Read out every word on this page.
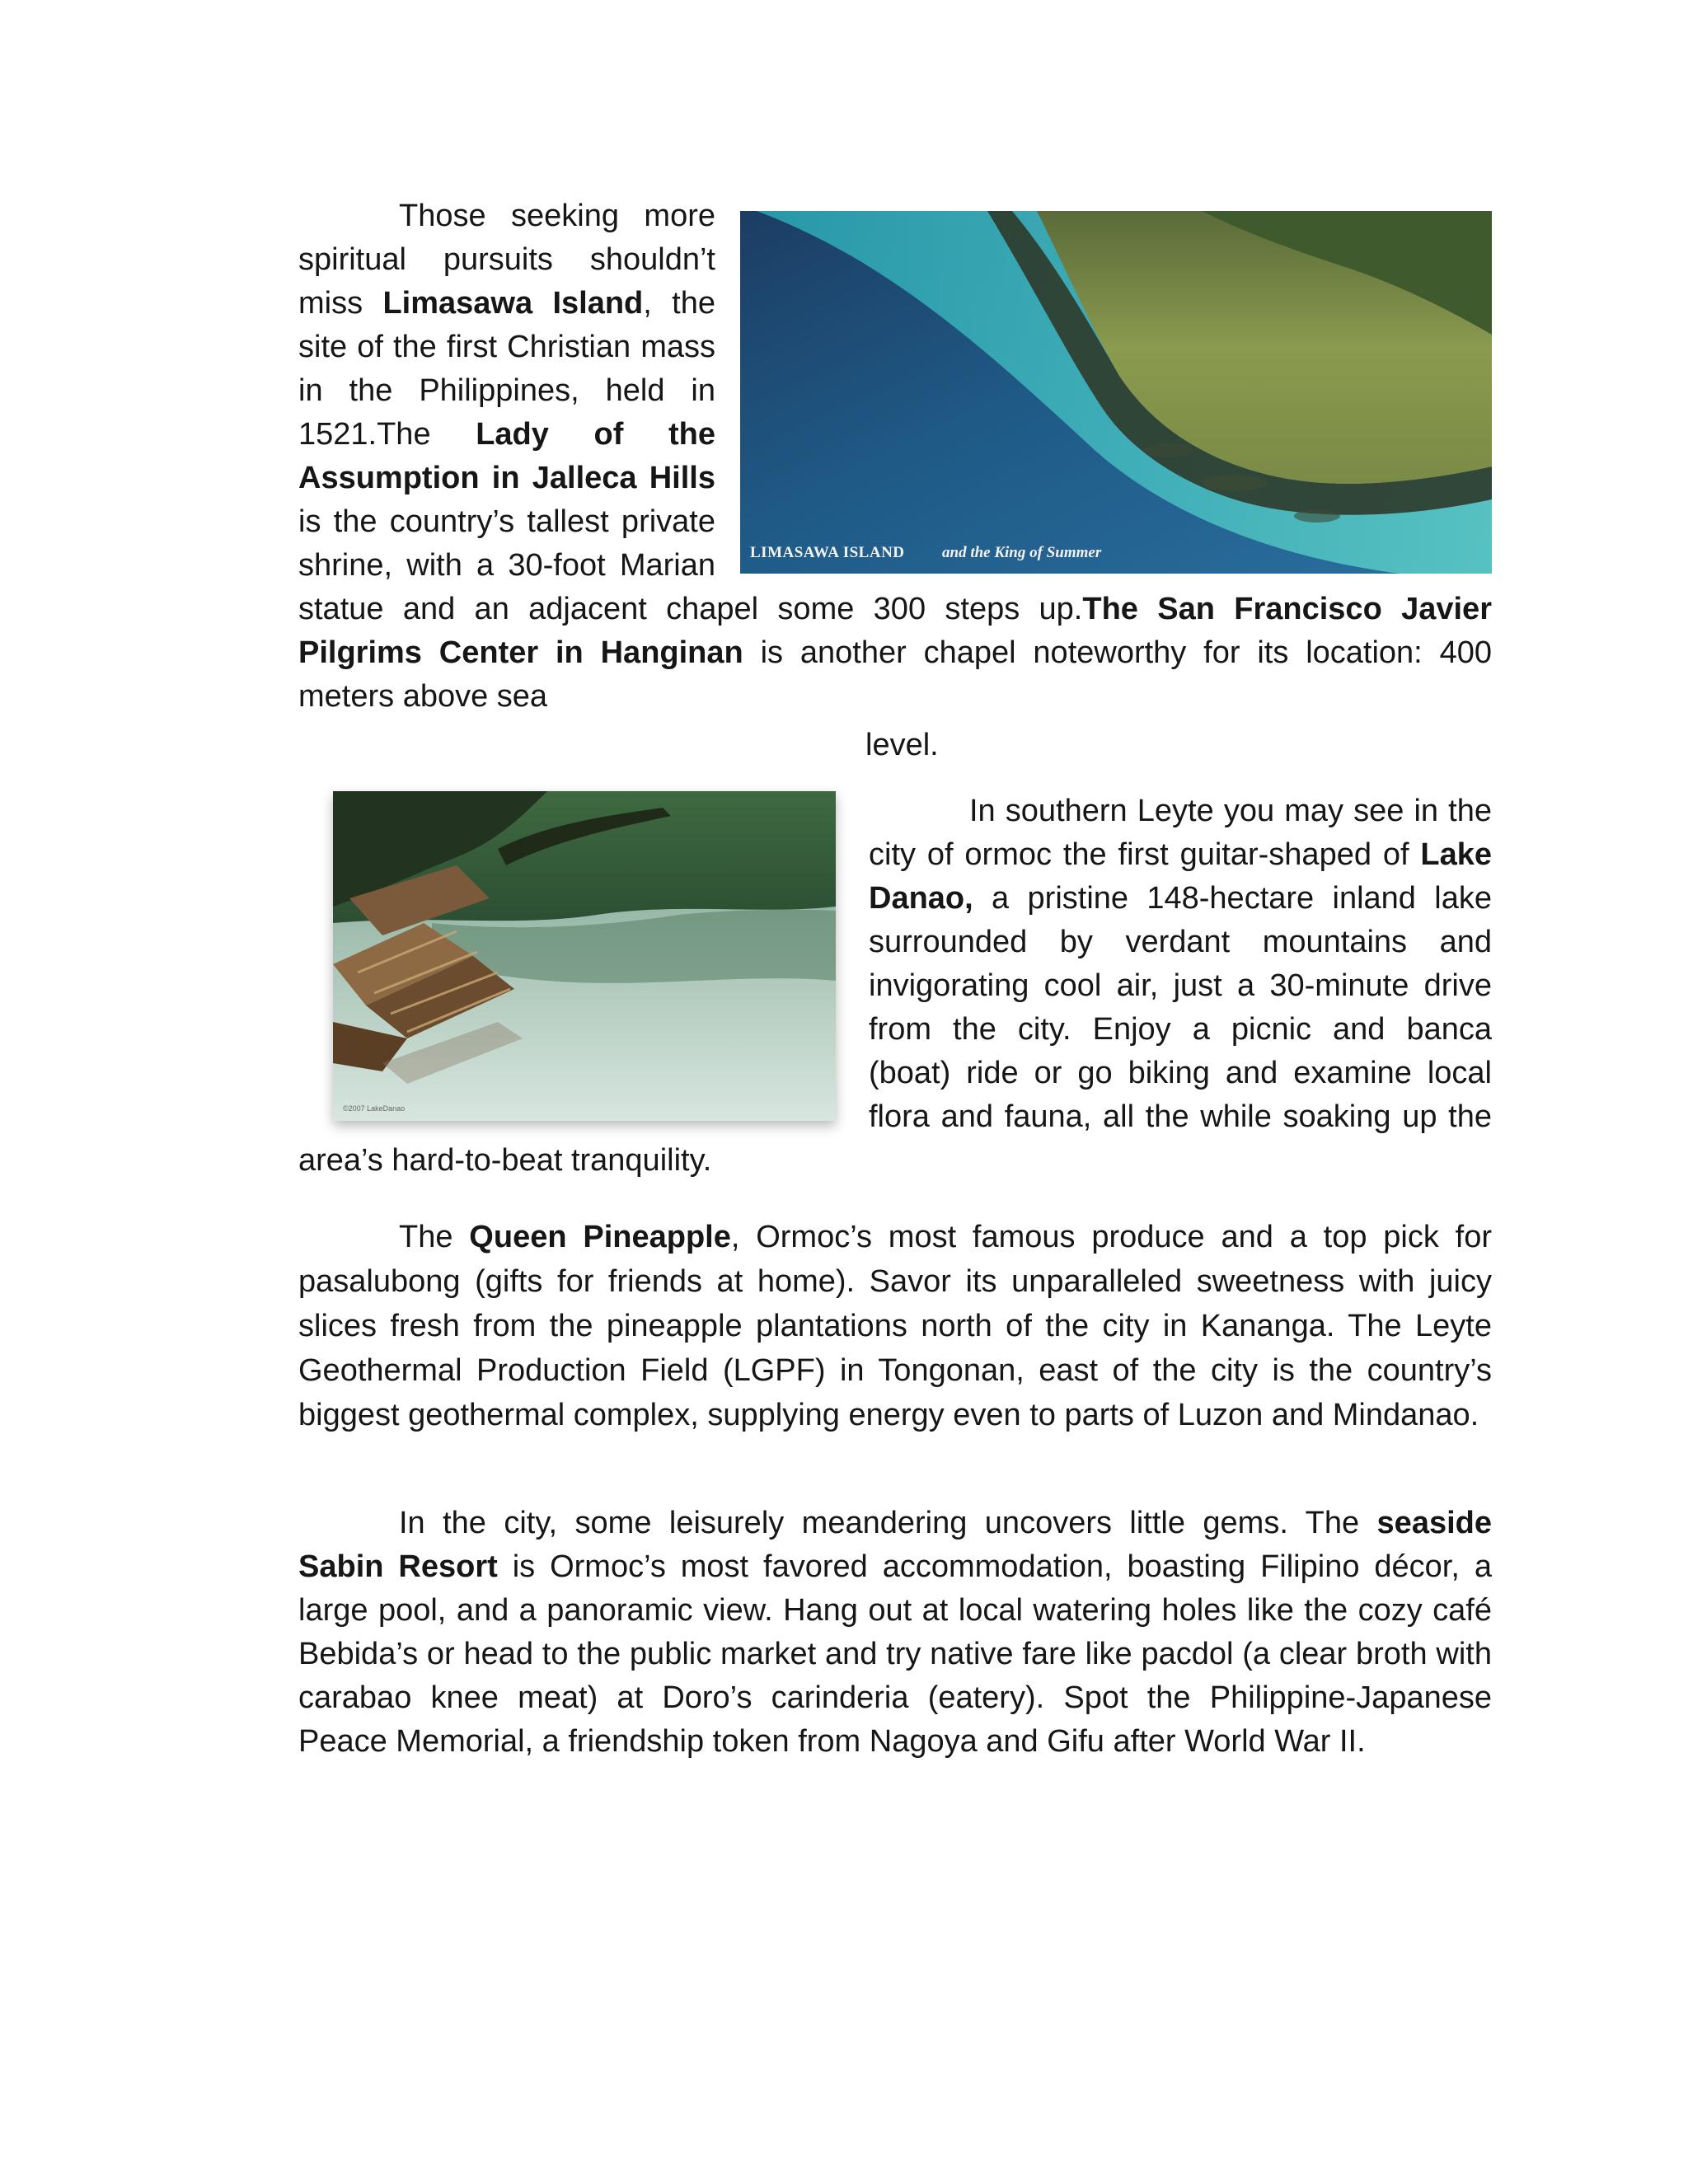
LIMASAWA ISLAND and the King of Summer

Those seeking more spiritual pursuits shouldn’t miss Limasawa Island, the site of the first Christian mass in the Philippines, held in 1521.The Lady of the Assumption in Jalleca Hills is the country’s tallest private shrine, with a 30-foot Marian statue and an adjacent chapel some 300 steps up.The San Francisco Javier Pilgrims Center in Hanginan is another chapel noteworthy for its location: 400 meters above sea

level.
©2007 LakeDanao

In southern Leyte you may see in the city of ormoc the first guitar-shaped of Lake Danao, a pristine 148-hectare inland lake surrounded by verdant mountains and invigorating cool air, just a 30-minute drive from the city. Enjoy a picnic and banca (boat) ride or go biking and examine local flora and fauna, all the while soaking up the area’s hard-to-beat tranquility.

The Queen Pineapple, Ormoc’s most famous produce and a top pick for pasalubong (gifts for friends at home). Savor its unparalleled sweetness with juicy slices fresh from the pineapple plantations north of the city in Kananga. The Leyte Geothermal Production Field (LGPF) in Tongonan, east of the city is the country’s biggest geothermal complex, supplying energy even to parts of Luzon and Mindanao.

In the city, some leisurely meandering uncovers little gems. The seaside Sabin Resort is Ormoc’s most favored accommodation, boasting Filipino décor, a large pool, and a panoramic view. Hang out at local watering holes like the cozy café Bebida’s or head to the public market and try native fare like pacdol (a clear broth with carabao knee meat) at Doro’s carinderia (eatery). Spot the Philippine-Japanese Peace Memorial, a friendship token from Nagoya and Gifu after World War II.
